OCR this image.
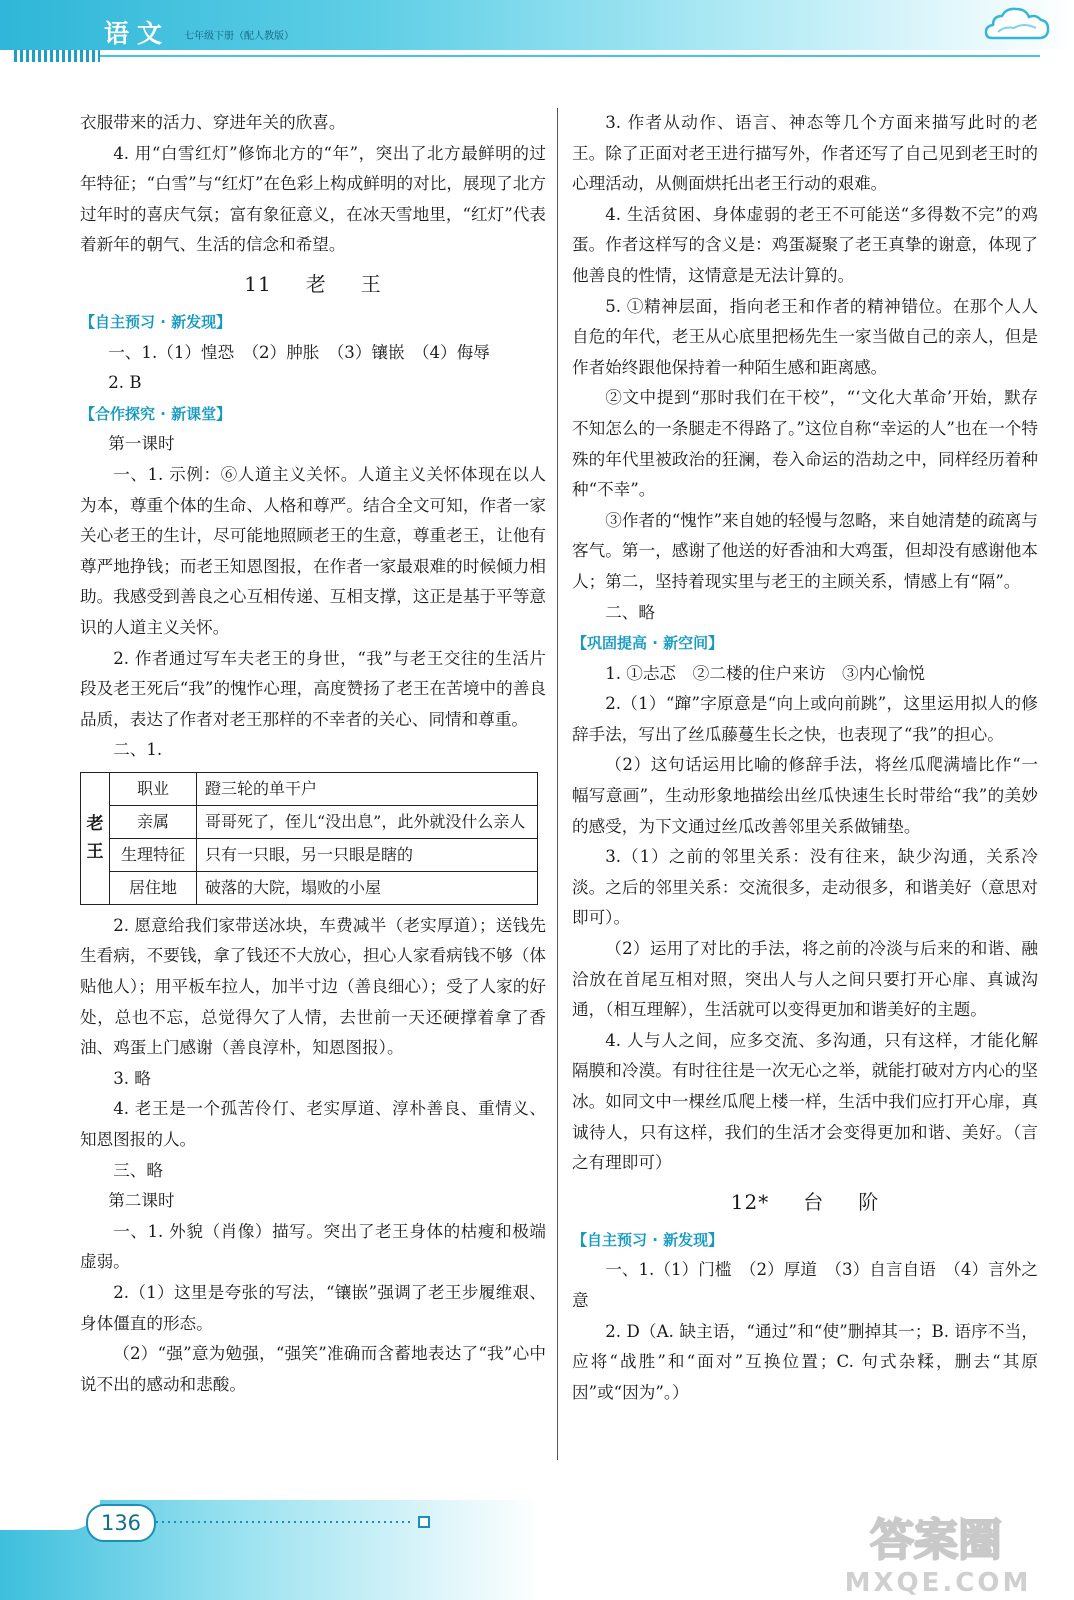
语文 七年级下册（配人教版）

衣服带来的活力、穿进年关的欣喜。

4. 用“白雪红灯”修饰北方的“年”，突出了北方最鲜明的过年特征；“白雪”与“红灯”在色彩上构成鲜明的对比，展现了北方过年时的喜庆气氛；富有象征意义，在冰天雪地里，“红灯”代表着新年的朝气、生活的信念和希望。

11 老 王

【自主预习 · 新发现】

一、1.（1）惶恐　（2）肿胀　（3）镶嵌　（4）侮辱

2. B

【合作探究 · 新课堂】

第一课时

一、1. 示例：⑥人道主义关怀。人道主义关怀体现在以人为本，尊重个体的生命、人格和尊严。结合全文可知，作者一家关心老王的生计，尽可能地照顾老王的生意，尊重老王，让他有尊严地挣钱；而老王知恩图报，在作者一家最艰难的时候倾力相助。我感受到善良之心互相传递、互相支撑，这正是基于平等意识的人道主义关怀。

2. 作者通过写车夫老王的身世，“我”与老王交往的生活片段及老王死后“我”的愧怍心理，高度赞扬了老王在苦境中的善良品质，表达了作者对老王那样的不幸者的关心、同情和尊重。

二、1.

老王	职业	蹬三轮的单干户
	亲属	哥哥死了，侄儿“没出息”，此外就没什么亲人
	生理特征	只有一只眼，另一只眼是瞎的
	居住地	破落的大院，塌败的小屋

2. 愿意给我们家带送冰块，车费减半（老实厚道）；送钱先生看病，不要钱，拿了钱还不大放心，担心人家看病钱不够（体贴他人）；用平板车拉人，加半寸边（善良细心）；受了人家的好处，总也不忘，总觉得欠了人情，去世前一天还硬撑着拿了香油、鸡蛋上门感谢（善良淳朴，知恩图报）。

3. 略

4. 老王是一个孤苦伶仃、老实厚道、淳朴善良、重情义、知恩图报的人。

三、略

第二课时

一、1. 外貌（肖像）描写。突出了老王身体的枯瘦和极端虚弱。

2.（1）这里是夸张的写法，“镶嵌”强调了老王步履维艰、身体僵直的形态。

（2）“强”意为勉强，“强笑”准确而含蓄地表达了“我”心中说不出的感动和悲酸。

3. 作者从动作、语言、神态等几个方面来描写此时的老王。除了正面对老王进行描写外，作者还写了自己见到老王时的心理活动，从侧面烘托出老王行动的艰难。

4. 生活贫困、身体虚弱的老王不可能送“多得数不完”的鸡蛋。作者这样写的含义是：鸡蛋凝聚了老王真挚的谢意，体现了他善良的性情，这情意是无法计算的。

5. ①精神层面，指向老王和作者的精神错位。在那个人人自危的年代，老王从心底里把杨先生一家当做自己的亲人，但是作者始终跟他保持着一种陌生感和距离感。

②文中提到“那时我们在干校”，“‘文化大革命’开始，默存不知怎么的一条腿走不得路了。”这位自称“幸运的人”也在一个特殊的年代里被政治的狂澜，卷入命运的浩劫之中，同样经历着种种“不幸”。

③作者的“愧怍”来自她的轻慢与忽略，来自她清楚的疏离与客气。第一，感谢了他送的好香油和大鸡蛋，但却没有感谢他本人；第二，坚持着现实里与老王的主顾关系，情感上有“隔”。

二、略

【巩固提高 · 新空间】

1. ①忐忑　②二楼的住户来访　③内心愉悦

2.（1）“蹿”字原意是“向上或向前跳”，这里运用拟人的修辞手法，写出了丝瓜藤蔓生长之快，也表现了“我”的担心。

（2）这句话运用比喻的修辞手法，将丝瓜爬满墙比作“一幅写意画”，生动形象地描绘出丝瓜快速生长时带给“我”的美妙的感受，为下文通过丝瓜改善邻里关系做铺垫。

3.（1）之前的邻里关系：没有往来，缺少沟通，关系冷淡。之后的邻里关系：交流很多，走动很多，和谐美好（意思对即可）。

（2）运用了对比的手法，将之前的冷淡与后来的和谐、融洽放在首尾互相对照，突出人与人之间只要打开心扉、真诚沟通，（相互理解），生活就可以变得更加和谐美好的主题。

4. 人与人之间，应多交流、多沟通，只有这样，才能化解隔膜和冷漠。有时往往是一次无心之举，就能打破对方内心的坚冰。如同文中一棵丝瓜爬上楼一样，生活中我们应打开心扉，真诚待人，只有这样，我们的生活才会变得更加和谐、美好。（言之有理即可）

12* 台 阶

【自主预习 · 新发现】

一、1.（1）门槛　（2）厚道　（3）自言自语　（4）言外之意

2. D（A. 缺主语，“通过”和“使”删掉其一；B. 语序不当，应将“战胜”和“面对”互换位置；C. 句式杂糅，删去“其原因”或“因为”。）

136	答案圈
MXQE.COM
